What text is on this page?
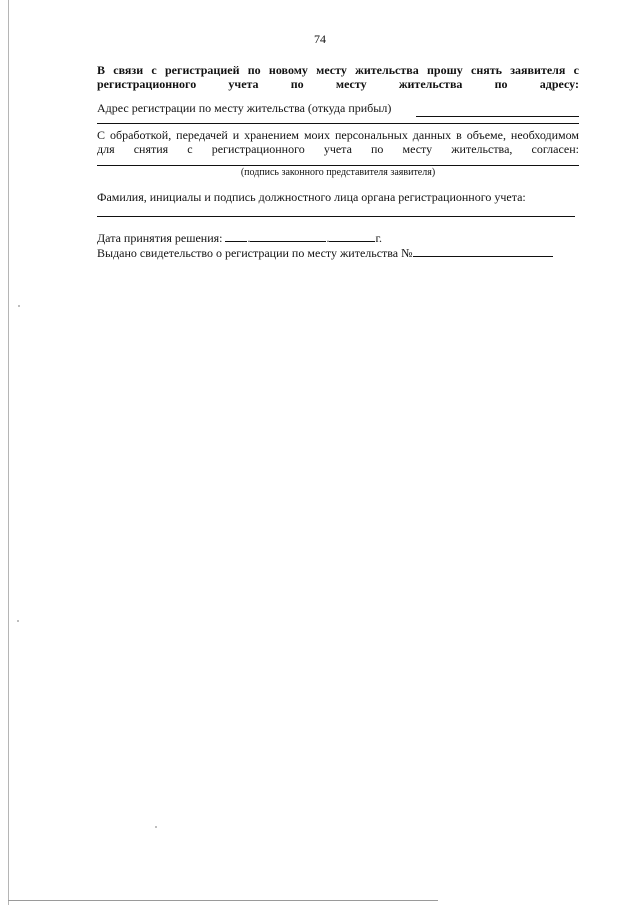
74
В связи с регистрацией по новому месту жительства прошу снять заявителя с регистрационного учета по месту жительства по адресу:
Адрес регистрации по месту жительства (откуда прибыл)
С обработкой, передачей и хранением моих персональных данных в объеме, необходимом для снятия с регистрационного учета по месту жительства, согласен:
(подпись законного представителя заявителя)
Фамилия, инициалы и подпись должностного лица органа регистрационного учета:
Дата принятия решения: .	.	г.
Выдано свидетельство о регистрации по месту жительства №
